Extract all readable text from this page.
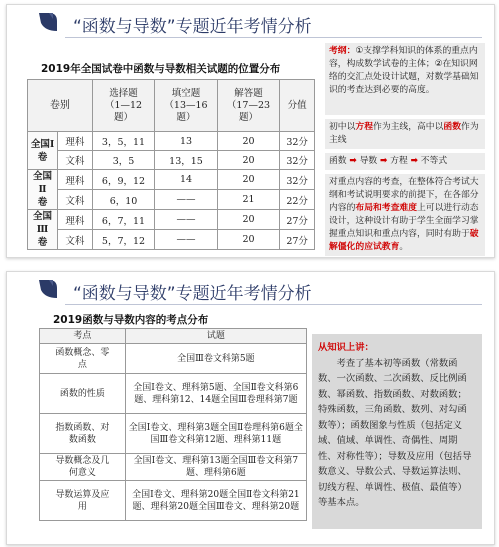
“函数与导数”专题近年考情分析
2019年全国试卷中函数与导数相关试题的位置分布
卷别		选择题
（1—12
题）	填空题
（13—16
题）	解答题
（17—23
题）	分值
全国Ⅰ
卷	理科	3，5，11	13	20	32分
	文科	3，5	13，15	20	32分
全国Ⅱ
卷	理科	6，9，12	14	20	32分
	文科	6，10	——	21	22分
全国Ⅲ
卷	理科	6，7，11	——	20	27分
	文科	5，7，12	——	20	27分
考纲：①支撑学科知识的体系的重点内容，构成数学试卷的主体；②在知识网络的交汇点处设计试题，对数学基础知识的考查达到必要的高度。
初中以方程作为主线，高中以函数作为主线
函数 ➡ 导数 ➡ 方程 ➡ 不等式
对重点内容的考查，在整体符合考试大纲和考试说明要求的前提下，在各部分内容的布局和考查难度上可以进行动态设计，这种设计有助于学生全面学习掌握重点知识和重点内容，同时有助于破解僵化的应试教育。
“函数与导数”专题近年考情分析
2019函数与导数内容的考点分布
考点	试题
函数概念、零
点	全国Ⅲ卷文科第5题
函数的性质	全国Ⅰ卷文、理科第5题、全国Ⅱ卷文科第6题、理科第12、14题全国Ⅲ卷理科第7题
指数函数、对
数函数	全国Ⅰ卷文、理科第3题全国Ⅱ卷理科第6题全国Ⅲ卷文科第12题、理科第11题
导数概念及几
何意义	全国Ⅰ卷文、理科第13题全国Ⅲ卷文科第7题、理科第6题
导数运算及应
用	全国Ⅰ卷文、理科第20题全国Ⅱ卷文科第21题、理科第20题全国Ⅲ卷文、理科第20题
从知识上讲：
考查了基本初等函数（常数函数、一次函数、二次函数、反比例函数、幂函数、指数函数、对数函数；特殊函数，三角函数、数列、对勾函数等）；函数图象与性质（包括定义域、值域、单调性、奇偶性、周期性、对称性等）；导数及应用（包括导数意义、导数公式、导数运算法则、切线方程、单调性、极值、最值等）等基本点。
